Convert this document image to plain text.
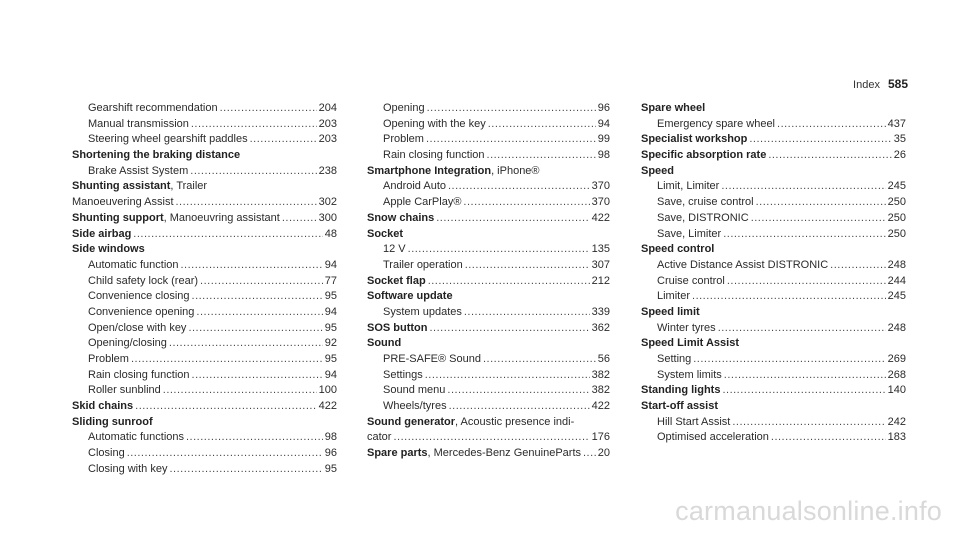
Index 585
Gearshift recommendation .....	204
Manual transmission .....	203
Steering wheel gearshift paddles .....	203
Shortening the braking distance
Brake Assist System .....	238
Shunting assistant, Trailer
Manoeuvering Assist .....	302
Shunting support, Manoeuvring assistant .....	300
Side airbag .....	48
Side windows
Automatic function .....	94
Child safety lock (rear) .....	77
Convenience closing .....	95
Convenience opening .....	94
Open/close with key .....	95
Opening/closing .....	92
Problem .....	95
Rain closing function .....	94
Roller sunblind .....	100
Skid chains .....	422
Sliding sunroof
Automatic functions .....	98
Closing .....	96
Closing with key .....	95
Opening .....	96
Opening with the key .....	94
Problem .....	99
Rain closing function .....	98
Smartphone Integration, iPhone®
Android Auto .....	370
Apple CarPlay® .....	370
Snow chains .....	422
Socket
12 V .....	135
Trailer operation .....	307
Socket flap .....	212
Software update
System updates .....	339
SOS button .....	362
Sound
PRE-SAFE® Sound .....	56
Settings .....	382
Sound menu .....	382
Wheels/tyres .....	422
Sound generator, Acoustic presence indi-
cator .....	176
Spare parts, Mercedes-Benz GenuineParts ..... 20
Spare wheel
Emergency spare wheel .....	437
Specialist workshop .....	35
Specific absorption rate .....	26
Speed
Limit, Limiter .....	245
Save, cruise control .....	250
Save, DISTRONIC .....	250
Save, Limiter .....	250
Speed control
Active Distance Assist DISTRONIC .....	248
Cruise control .....	244
Limiter .....	245
Speed limit
Winter tyres .....	248
Speed Limit Assist
Setting .....	269
System limits .....	268
Standing lights .....	140
Start-off assist
Hill Start Assist .....	242
Optimised acceleration .....	183
carmanualsonline.info
